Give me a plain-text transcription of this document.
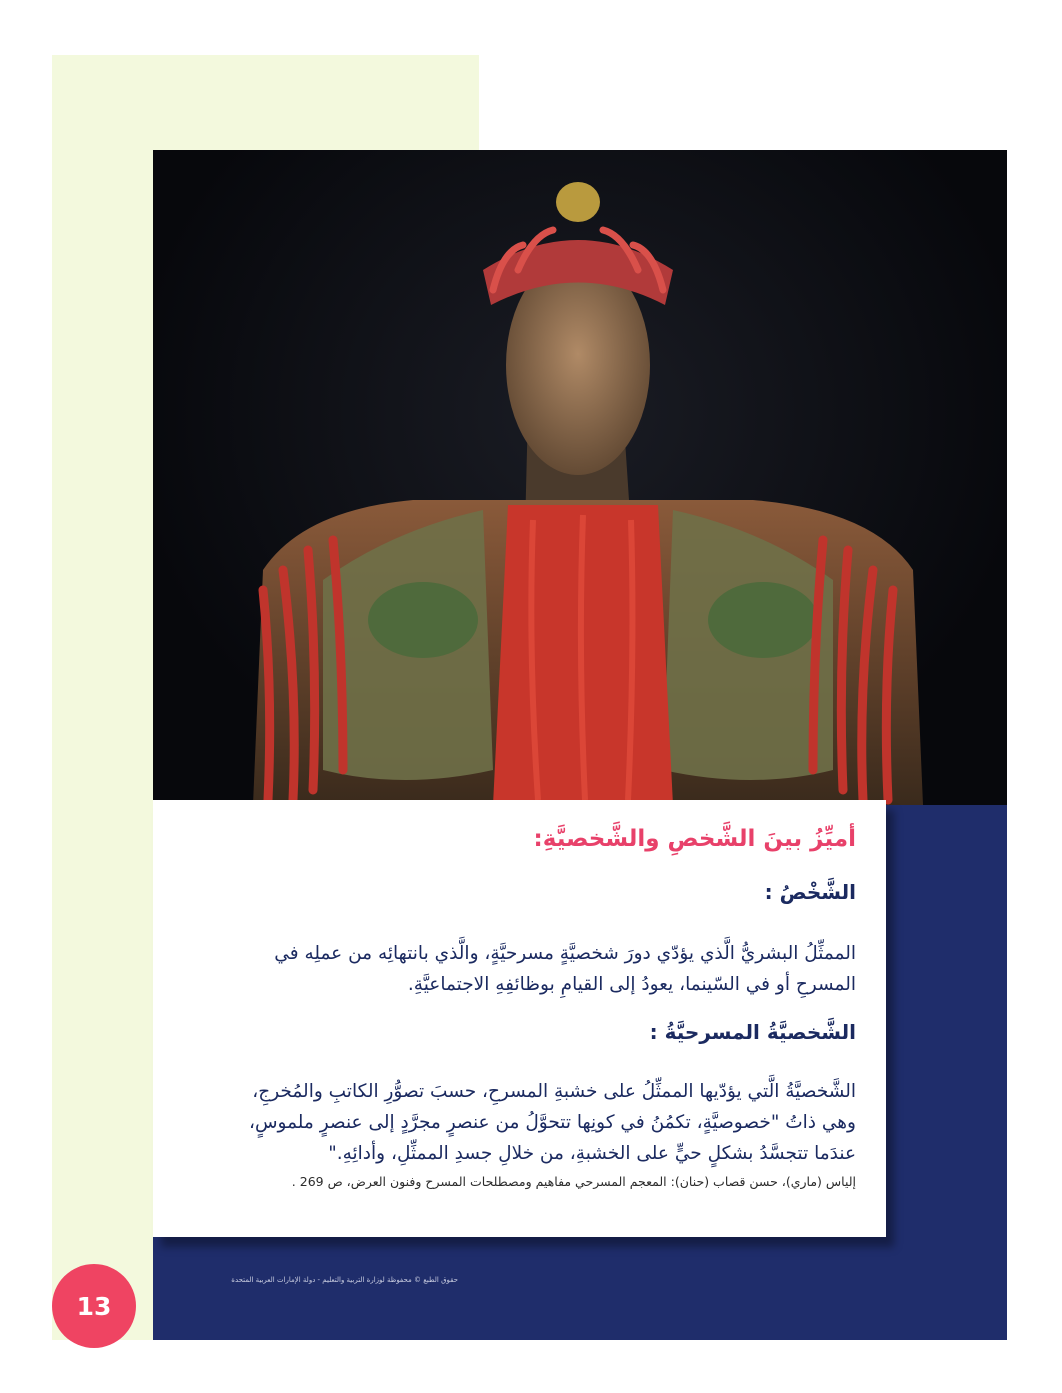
أميِّزُ بينَ الشَّخصِ والشَّخصيَّةِ:
الشَّخْصُ :

الممثِّلُ البشريُّ الَّذي يؤدّي دورَ شخصيَّةٍ مسرحيَّةٍ، والَّذي بانتهائِه من عملِه في

المسرحِ أو في السّينما، يعودُ إلى القيامِ بوظائفِهِ الاجتماعيَّةِ.

الشَّخصيَّةُ المسرحيَّةُ :

الشَّخصيَّةُ الَّتي يؤدّيها الممثِّلُ على خشبةِ المسرحِ، حسبَ تصوُّرِ الكاتبِ والمُخرجِ،

وهي ذاتُ "خصوصيَّةٍ، تكمُنُ في كونِها تتحوَّلُ من عنصرٍ مجرَّدٍ إلى عنصرٍ ملموسٍ،

عندَما تتجسَّدُ بشكلٍ حيٍّ على الخشبةِ، من خلالِ جسدِ الممثِّلِ، وأدائِهِ."

إلياس (ماري)، حسن قصاب (حنان): المعجم المسرحي مفاهيم ومصطلحات المسرح وفنون العرض، ص 269 .

حقوق الطبع © محفوظة لوزارة التربية والتعليم - دولة الإمارات العربية المتحدة
13
